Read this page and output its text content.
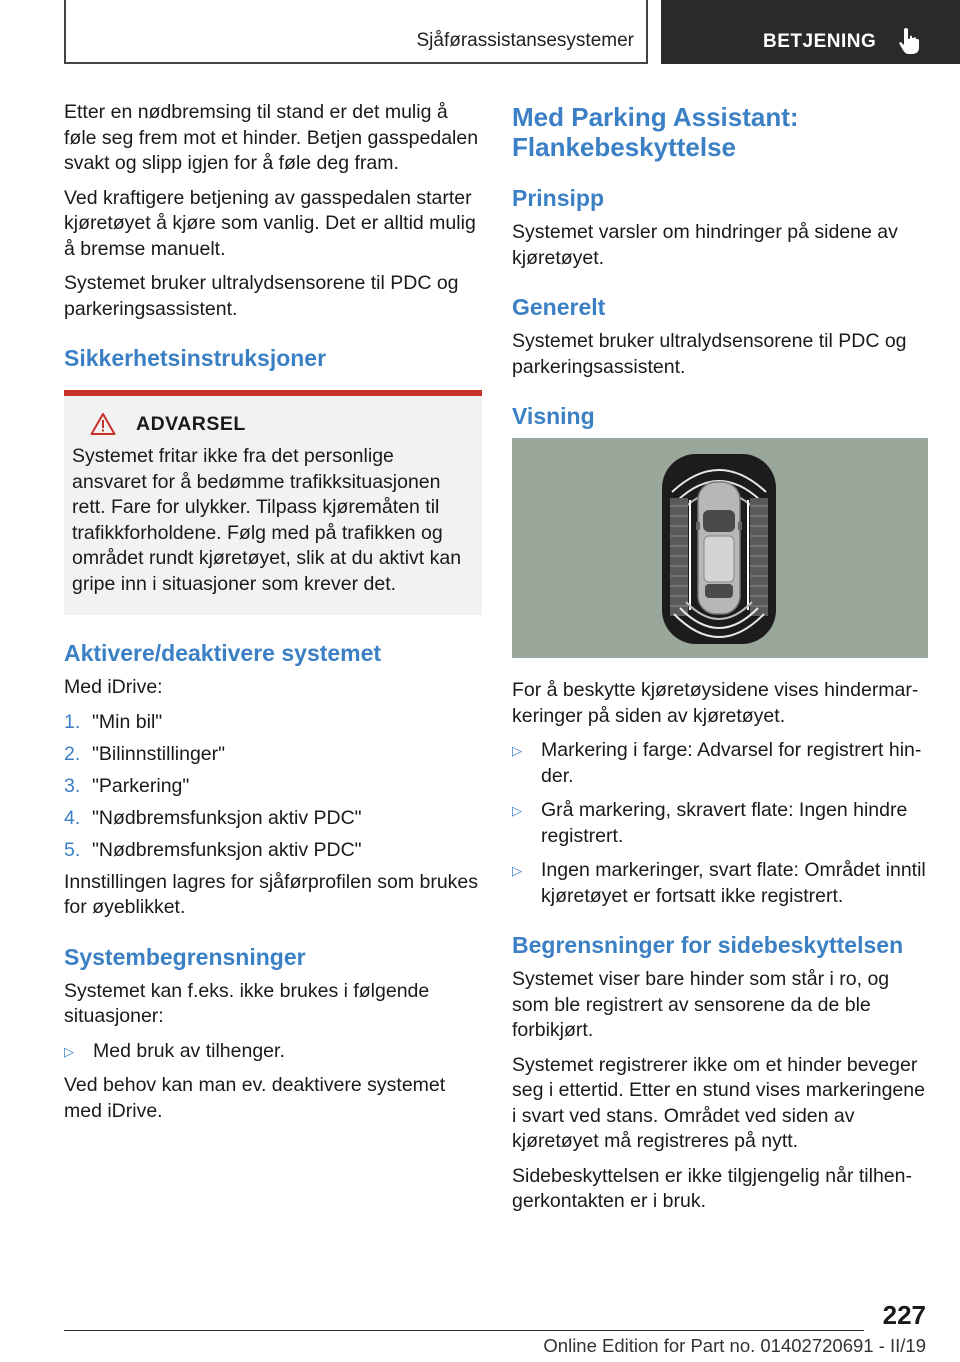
Sjåførassistansesystemer	BETJENING

Etter en nødbremsing til stand er det mulig å føle seg frem mot et hinder. Betjen gasspedalen svakt og slipp igjen for å føle deg fram.

Ved kraftigere betjening av gasspedalen starter kjøretøyet å kjøre som vanlig. Det er alltid mulig å bremse manuelt.

Systemet bruker ultralydsensorene til PDC og parkeringsassistent.

Sikkerhetsinstruksjoner
ADVARSEL

Systemet fritar ikke fra det personlige ansvaret for å bedømme trafikksituasjonen rett. Fare for ulykker. Tilpass kjøremåten til trafikkforholdene. Følg med på trafikken og området rundt kjøretøyet, slik at du aktivt kan gripe inn i situasjoner som krever det.

Aktivere/deaktivere systemet

Med iDrive:

1. "Min bil"
2. "Bilinnstillinger"
3. "Parkering"
4. "Nødbremsfunksjon aktiv PDC"
5. "Nødbremsfunksjon aktiv PDC"

Innstillingen lagres for sjåførprofilen som brukes for øyeblikket.

Systembegrensninger

Systemet kan f.eks. ikke brukes i følgende situasjoner:

▷ Med bruk av tilhenger.

Ved behov kan man ev. deaktivere systemet med iDrive.

Med Parking Assistant: Flankebeskyttelse
Prinsipp

Systemet varsler om hindringer på sidene av kjøretøyet.

Generelt

Systemet bruker ultralydsensorene til PDC og parkeringsassistent.

Visning

For å beskytte kjøretøysidene vises hindermarkeringer på siden av kjøretøyet.

▷ Markering i farge: Advarsel for registrert hinder.
▷ Grå markering, skravert flate: Ingen hindre registrert.
▷ Ingen markeringer, svart flate: Området inntil kjøretøyet er fortsatt ikke registrert.
Begrensninger for sidebeskyttelsen

Systemet viser bare hinder som står i ro, og som ble registrert av sensorene da de ble forbikjørt.

Systemet registrerer ikke om et hinder beveger seg i ettertid. Etter en stund vises markeringene i svart ved stans. Området ved siden av kjøretøyet må registreres på nytt.

Sidebeskyttelsen er ikke tilgjengelig når tilhengerkontakten er i bruk.

227
Online Edition for Part no. 01402720691 - II/19
